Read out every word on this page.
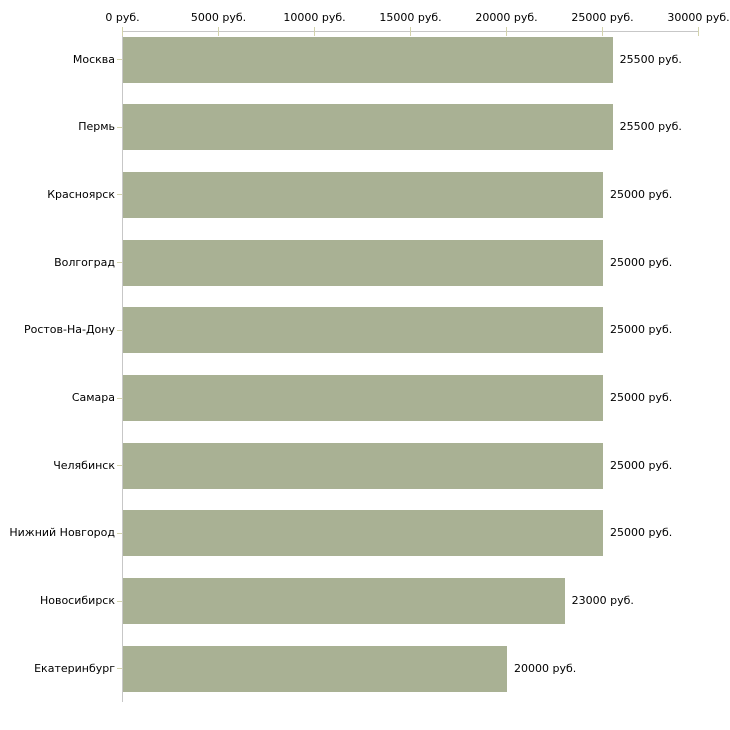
0 руб.	5000 руб.	10000 руб.	15000 руб.	20000 руб.	25000 руб.	30000 руб.
Москва	25500 руб.
Пермь	25500 руб.
Красноярск	25000 руб.
Волгоград	25000 руб.
Ростов-На-Дону	25000 руб.
Самара	25000 руб.
Челябинск	25000 руб.
Нижний Новгород	25000 руб.
Новосибирск	23000 руб.
Екатеринбург	20000 руб.
